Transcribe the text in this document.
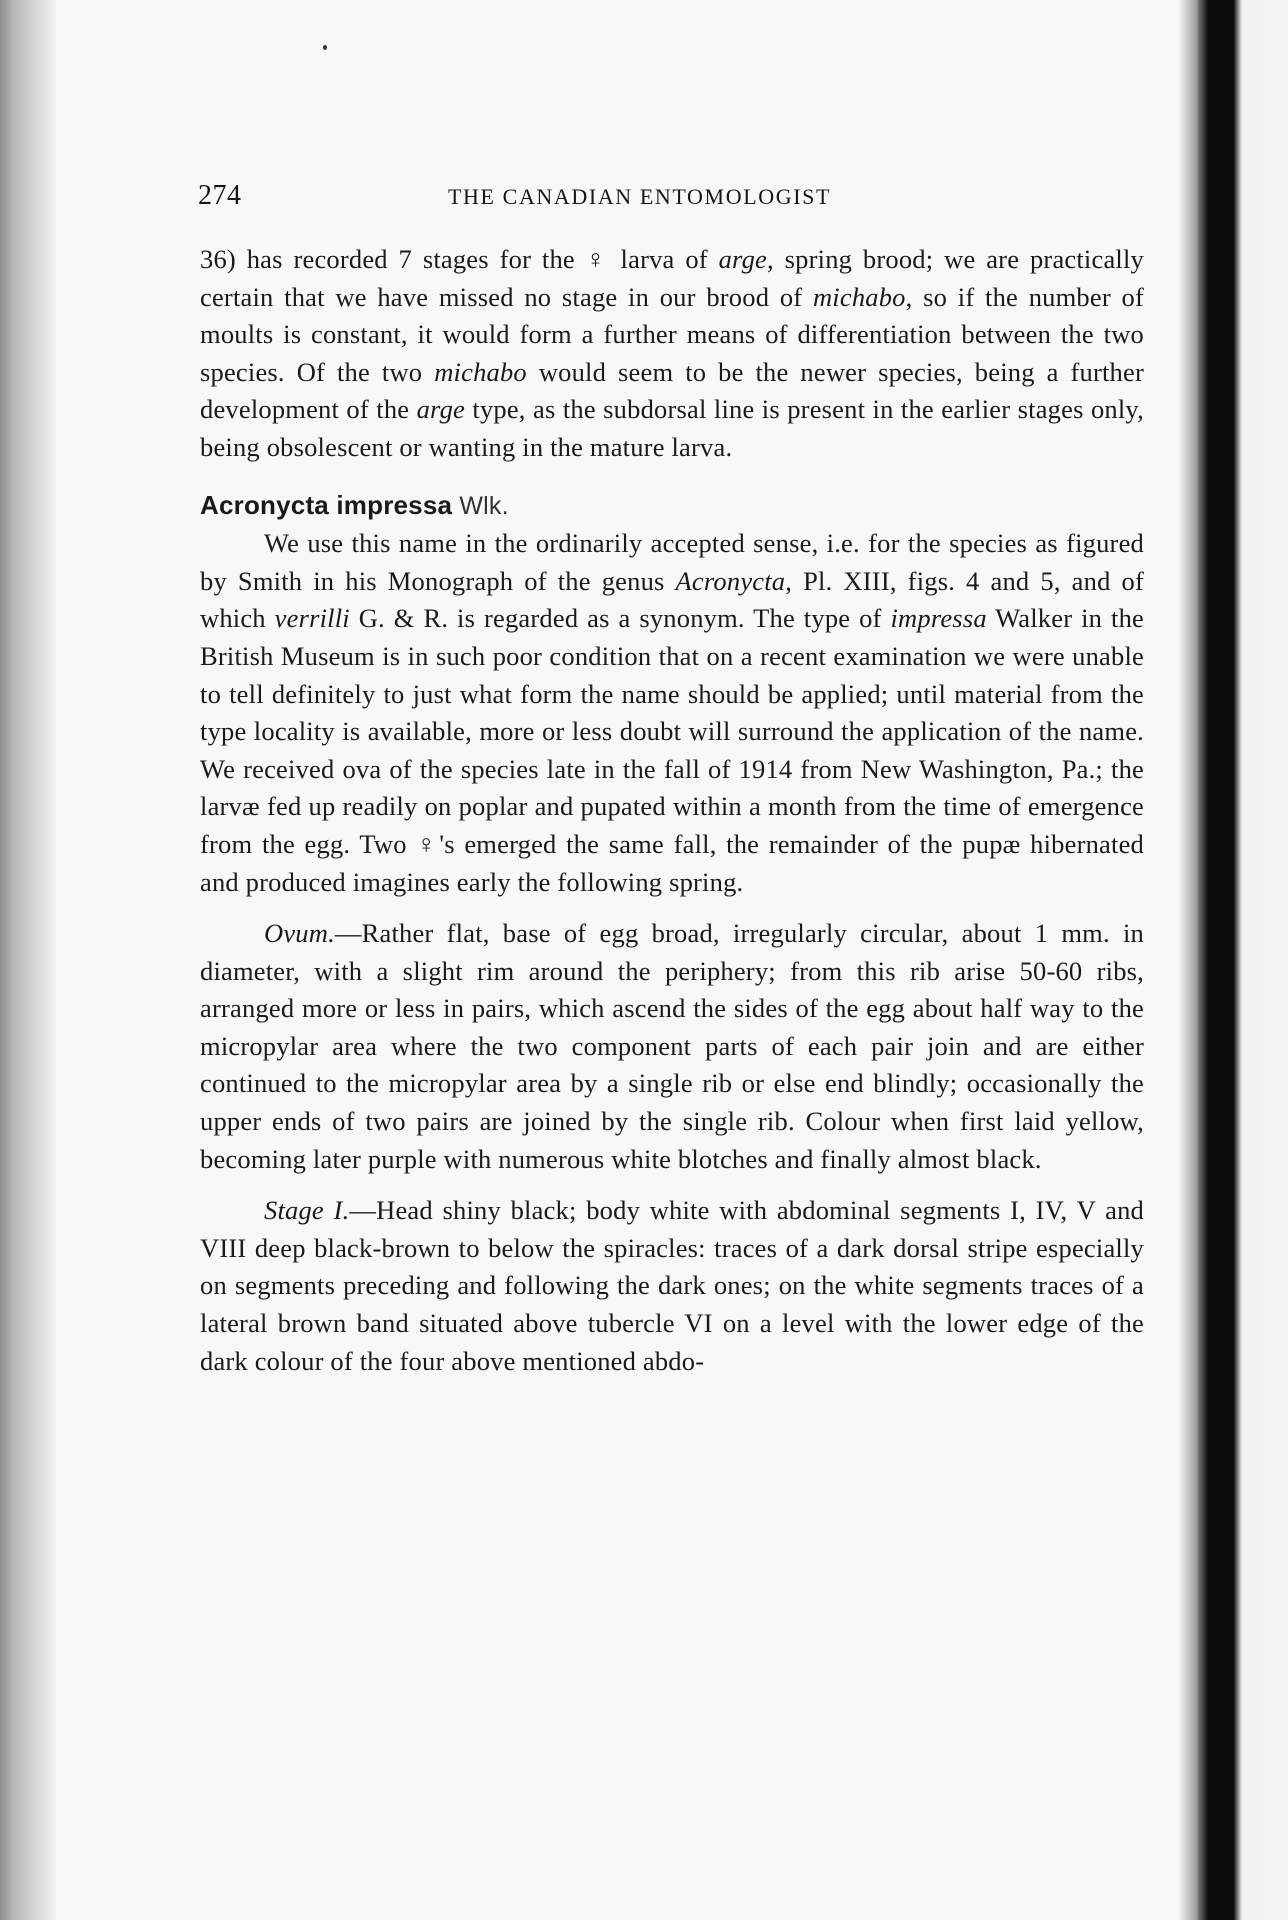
274	THE CANADIAN ENTOMOLOGIST

36) has recorded 7 stages for the ♀ larva of arge, spring brood; we are practically certain that we have missed no stage in our brood of michabo, so if the number of moults is constant, it would form a further means of differentiation between the two species. Of the two michabo would seem to be the newer species, being a further development of the arge type, as the subdorsal line is present in the earlier stages only, being obsolescent or wanting in the mature larva.

Acronycta impressa Wlk.

We use this name in the ordinarily accepted sense, i.e. for the species as figured by Smith in his Monograph of the genus Acronycta, Pl. XIII, figs. 4 and 5, and of which verrilli G. & R. is regarded as a synonym. The type of impressa Walker in the British Museum is in such poor condition that on a recent examination we were unable to tell definitely to just what form the name should be applied; until material from the type locality is available, more or less doubt will surround the application of the name. We received ova of the species late in the fall of 1914 from New Washington, Pa.; the larvæ fed up readily on poplar and pupated within a month from the time of emergence from the egg. Two ♀'s emerged the same fall, the remainder of the pupæ hibernated and produced imagines early the following spring.

Ovum.—Rather flat, base of egg broad, irregularly circular, about 1 mm. in diameter, with a slight rim around the periphery; from this rib arise 50-60 ribs, arranged more or less in pairs, which ascend the sides of the egg about half way to the micropylar area where the two component parts of each pair join and are either continued to the micropylar area by a single rib or else end blindly; occasionally the upper ends of two pairs are joined by the single rib. Colour when first laid yellow, becoming later purple with numerous white blotches and finally almost black.

Stage I.—Head shiny black; body white with abdominal segments I, IV, V and VIII deep black-brown to below the spiracles: traces of a dark dorsal stripe especially on segments preceding and following the dark ones; on the white segments traces of a lateral brown band situated above tubercle VI on a level with the lower edge of the dark colour of the four above mentioned abdo-
